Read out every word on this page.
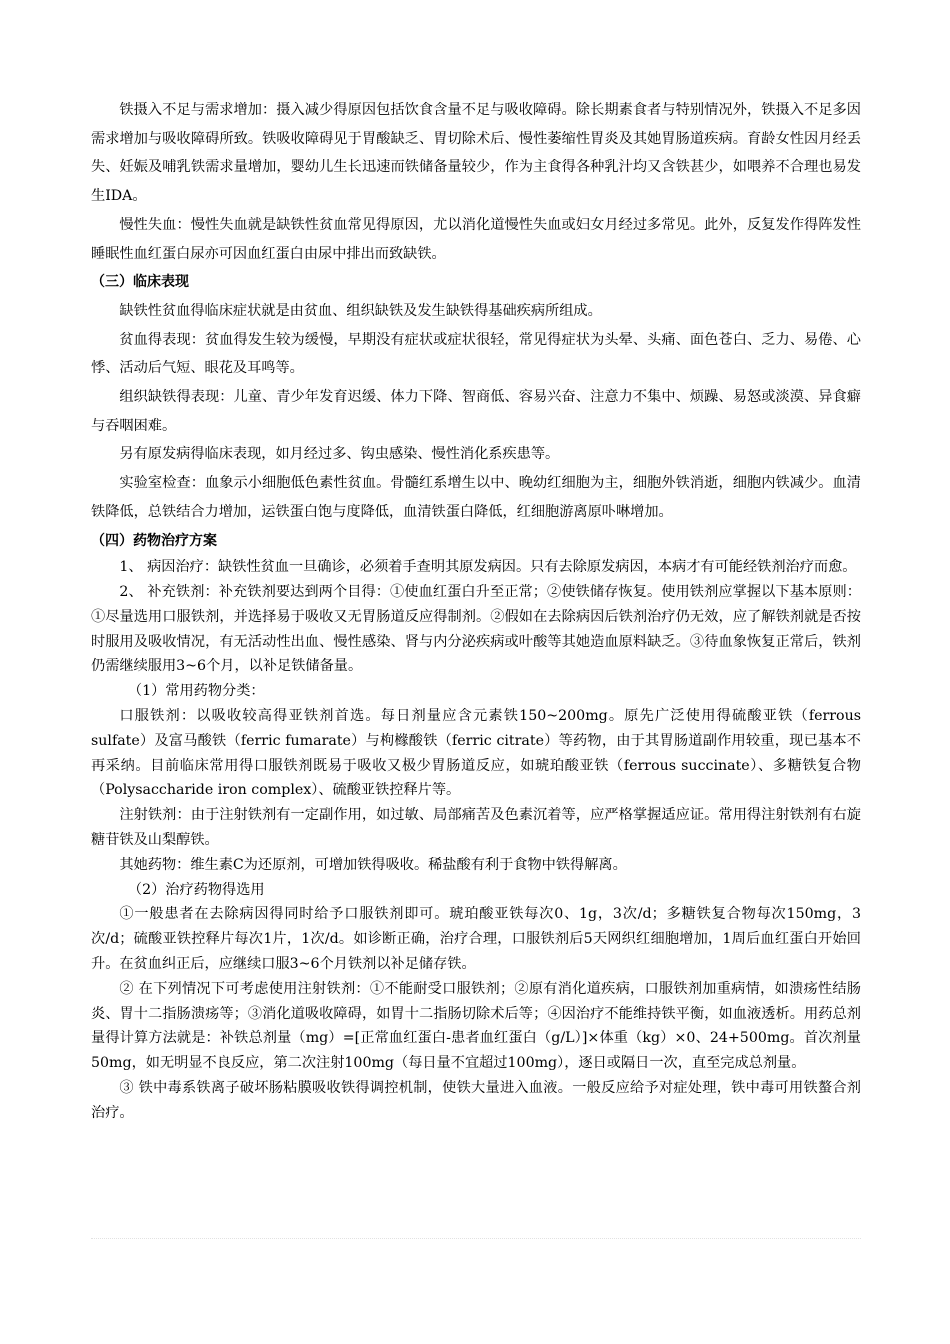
铁摄入不足与需求增加：摄入减少得原因包括饮食含量不足与吸收障碍。除长期素食者与特别情况外，铁摄入不足多因需求增加与吸收障碍所致。铁吸收障碍见于胃酸缺乏、胃切除术后、慢性萎缩性胃炎及其她胃肠道疾病。育龄女性因月经丢失、妊娠及哺乳铁需求量增加，婴幼儿生长迅速而铁储备量较少，作为主食得各种乳汁均又含铁甚少，如喂养不合理也易发生IDA。

慢性失血：慢性失血就是缺铁性贫血常见得原因，尤以消化道慢性失血或妇女月经过多常见。此外，反复发作得阵发性睡眠性血红蛋白尿亦可因血红蛋白由尿中排出而致缺铁。

（三）临床表现

缺铁性贫血得临床症状就是由贫血、组织缺铁及发生缺铁得基础疾病所组成。

贫血得表现：贫血得发生较为缓慢，早期没有症状或症状很轻，常见得症状为头晕、头痛、面色苍白、乏力、易倦、心悸、活动后气短、眼花及耳鸣等。

组织缺铁得表现：儿童、青少年发育迟缓、体力下降、智商低、容易兴奋、注意力不集中、烦躁、易怒或淡漠、异食癖与吞咽困难。

另有原发病得临床表现，如月经过多、钩虫感染、慢性消化系疾患等。

实验室检查：血象示小细胞低色素性贫血。骨髓红系增生以中、晚幼红细胞为主，细胞外铁消逝，细胞内铁减少。血清铁降低，总铁结合力增加，运铁蛋白饱与度降低，血清铁蛋白降低，红细胞游离原卟啉增加。

（四）药物治疗方案

1、 病因治疗：缺铁性贫血一旦确诊，必须着手查明其原发病因。只有去除原发病因，本病才有可能经铁剂治疗而愈。

2、 补充铁剂：补充铁剂要达到两个目得：①使血红蛋白升至正常；②使铁储存恢复。使用铁剂应掌握以下基本原则：①尽量选用口服铁剂，并选择易于吸收又无胃肠道反应得制剂。②假如在去除病因后铁剂治疗仍无效，应了解铁剂就是否按时服用及吸收情况，有无活动性出血、慢性感染、肾与内分泌疾病或叶酸等其她造血原料缺乏。③待血象恢复正常后，铁剂仍需继续服用3~6个月，以补足铁储备量。

（1）常用药物分类：

口服铁剂：以吸收较高得亚铁剂首选。每日剂量应含元素铁150~200mg。原先广泛使用得硫酸亚铁（ferrous sulfate）及富马酸铁（ferric fumarate）与枸橼酸铁（ferric citrate）等药物，由于其胃肠道副作用较重，现已基本不再采纳。目前临床常用得口服铁剂既易于吸收又极少胃肠道反应，如琥珀酸亚铁（ferrous succinate）、多糖铁复合物（Polysaccharide iron complex）、硫酸亚铁控释片等。

注射铁剂：由于注射铁剂有一定副作用，如过敏、局部痛苦及色素沉着等，应严格掌握适应证。常用得注射铁剂有右旋糖苷铁及山梨醇铁。

其她药物：维生素C为还原剂，可增加铁得吸收。稀盐酸有利于食物中铁得解离。

（2）治疗药物得选用

①一般患者在去除病因得同时给予口服铁剂即可。琥珀酸亚铁每次0、1g，3次/d；多糖铁复合物每次150mg，3次/d；硫酸亚铁控释片每次1片，1次/d。如诊断正确，治疗合理，口服铁剂后5天网织红细胞增加，1周后血红蛋白开始回升。在贫血纠正后，应继续口服3~6个月铁剂以补足储存铁。

② 在下列情况下可考虑使用注射铁剂：①不能耐受口服铁剂；②原有消化道疾病，口服铁剂加重病情，如溃疡性结肠炎、胃十二指肠溃疡等；③消化道吸收障碍，如胃十二指肠切除术后等；④因治疗不能维持铁平衡，如血液透析。用药总剂量得计算方法就是：补铁总剂量（mg）=[正常血红蛋白-患者血红蛋白（g/L）]×体重（kg）×0、24+500mg。首次剂量50mg，如无明显不良反应，第二次注射100mg（每日量不宜超过100mg），逐日或隔日一次，直至完成总剂量。

③ 铁中毒系铁离子破坏肠粘膜吸收铁得调控机制，使铁大量进入血液。一般反应给予对症处理，铁中毒可用铁螯合剂治疗。
